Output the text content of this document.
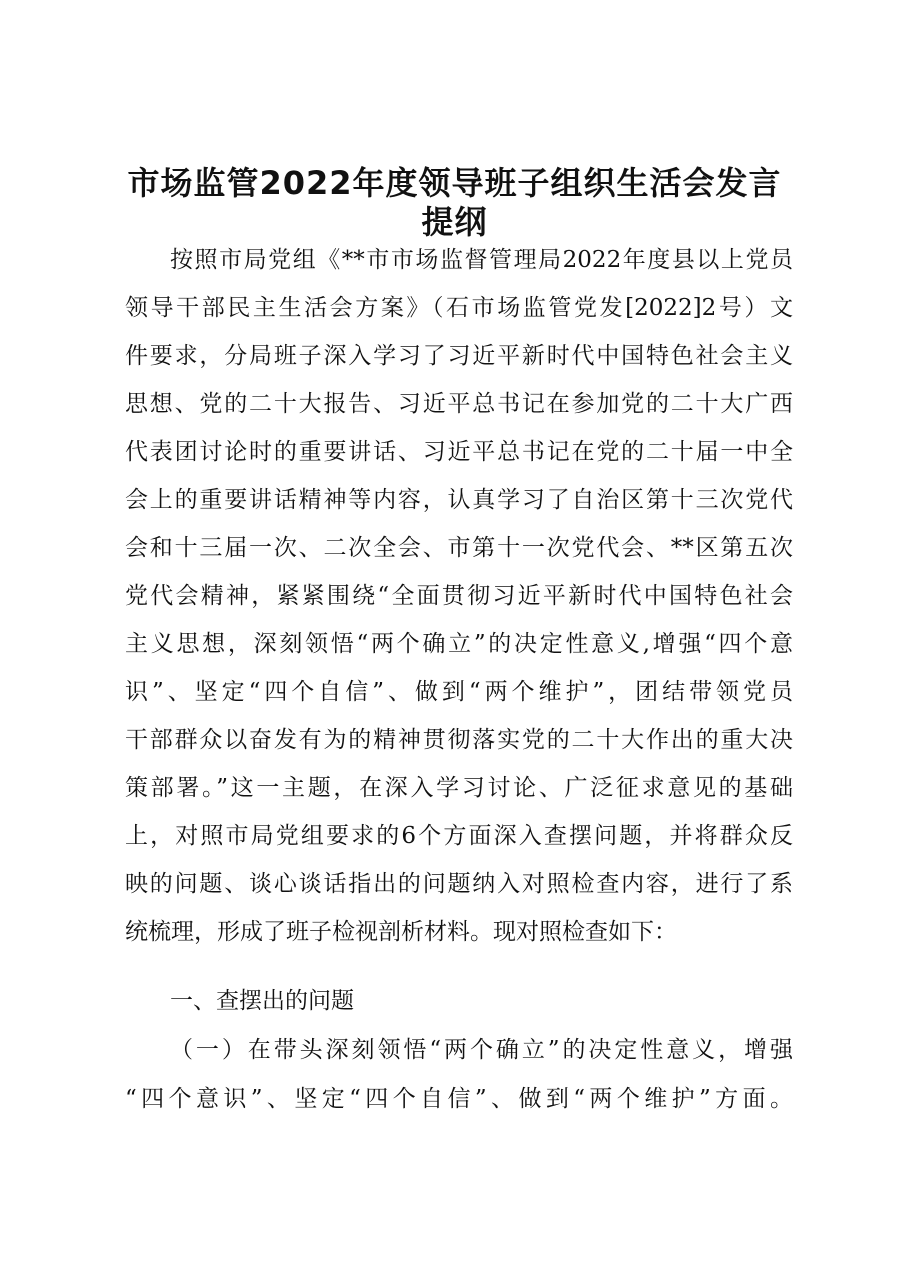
市场监管2022年度领导班子组织生活会发言
提纲
按照市局党组《**市市场监督管理局2022年度县以上党员
领导干部民主生活会方案》（石市场监管党发[2022]2号）文
件要求，分局班子深入学习了习近平新时代中国特色社会主义
思想、党的二十大报告、习近平总书记在参加党的二十大广西
代表团讨论时的重要讲话、习近平总书记在党的二十届一中全
会上的重要讲话精神等内容，认真学习了自治区第十三次党代
会和十三届一次、二次全会、市第十一次党代会、**区第五次
党代会精神，紧紧围绕“全面贯彻习近平新时代中国特色社会
主义思想，深刻领悟“两个确立”的决定性意义,增强“四个意
识”、坚定“四个自信”、做到“两个维护”，团结带领党员
干部群众以奋发有为的精神贯彻落实党的二十大作出的重大决
策部署。”这一主题，在深入学习讨论、广泛征求意见的基础
上，对照市局党组要求的6个方面深入查摆问题，并将群众反
映的问题、谈心谈话指出的问题纳入对照检查内容，进行了系
统梳理，形成了班子检视剖析材料。现对照检查如下：
一、查摆出的问题
（一）在带头深刻领悟“两个确立”的决定性意义，增强
“四个意识”、坚定“四个自信”、做到“两个维护”方面。
